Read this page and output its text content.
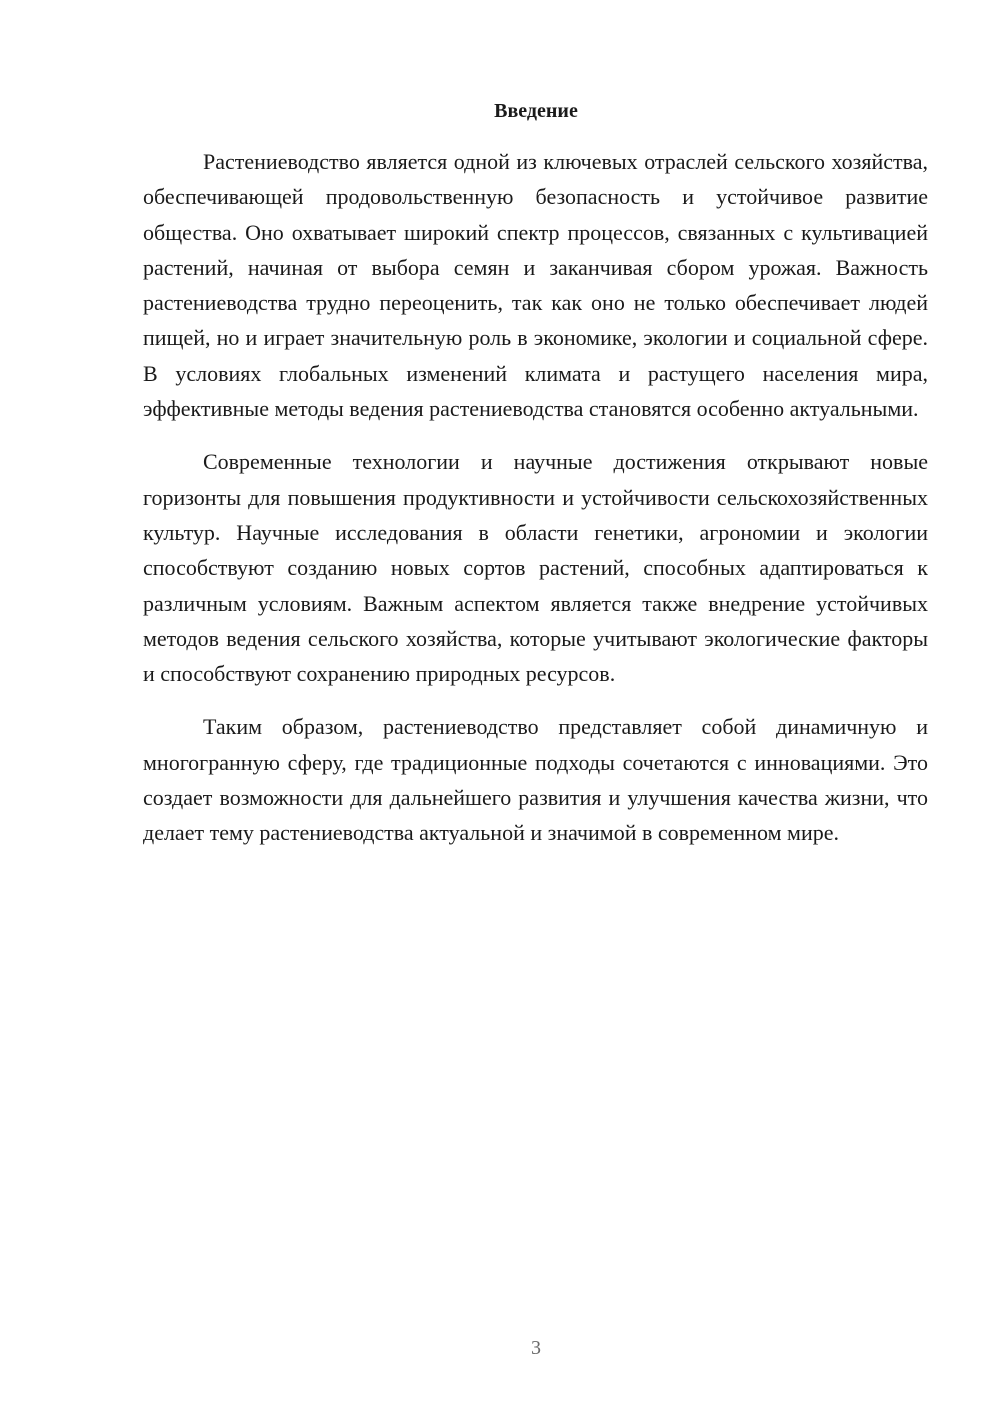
Введение

Растениеводство является одной из ключевых отраслей сельского хозяйства, обеспечивающей продовольственную безопасность и устойчивое развитие общества. Оно охватывает широкий спектр процессов, связанных с культивацией растений, начиная от выбора семян и заканчивая сбором урожая. Важность растениеводства трудно переоценить, так как оно не только обеспечивает людей пищей, но и играет значительную роль в экономике, экологии и социальной сфере. В условиях глобальных изменений климата и растущего населения мира, эффективные методы ведения растениеводства становятся особенно актуальными.

Современные технологии и научные достижения открывают новые горизонты для повышения продуктивности и устойчивости сельскохозяйственных культур. Научные исследования в области генетики, агрономии и экологии способствуют созданию новых сортов растений, способных адаптироваться к различным условиям. Важным аспектом является также внедрение устойчивых методов ведения сельского хозяйства, которые учитывают экологические факторы и способствуют сохранению природных ресурсов.

Таким образом, растениеводство представляет собой динамичную и многогранную сферу, где традиционные подходы сочетаются с инновациями. Это создает возможности для дальнейшего развития и улучшения качества жизни, что делает тему растениеводства актуальной и значимой в современном мире.

3
